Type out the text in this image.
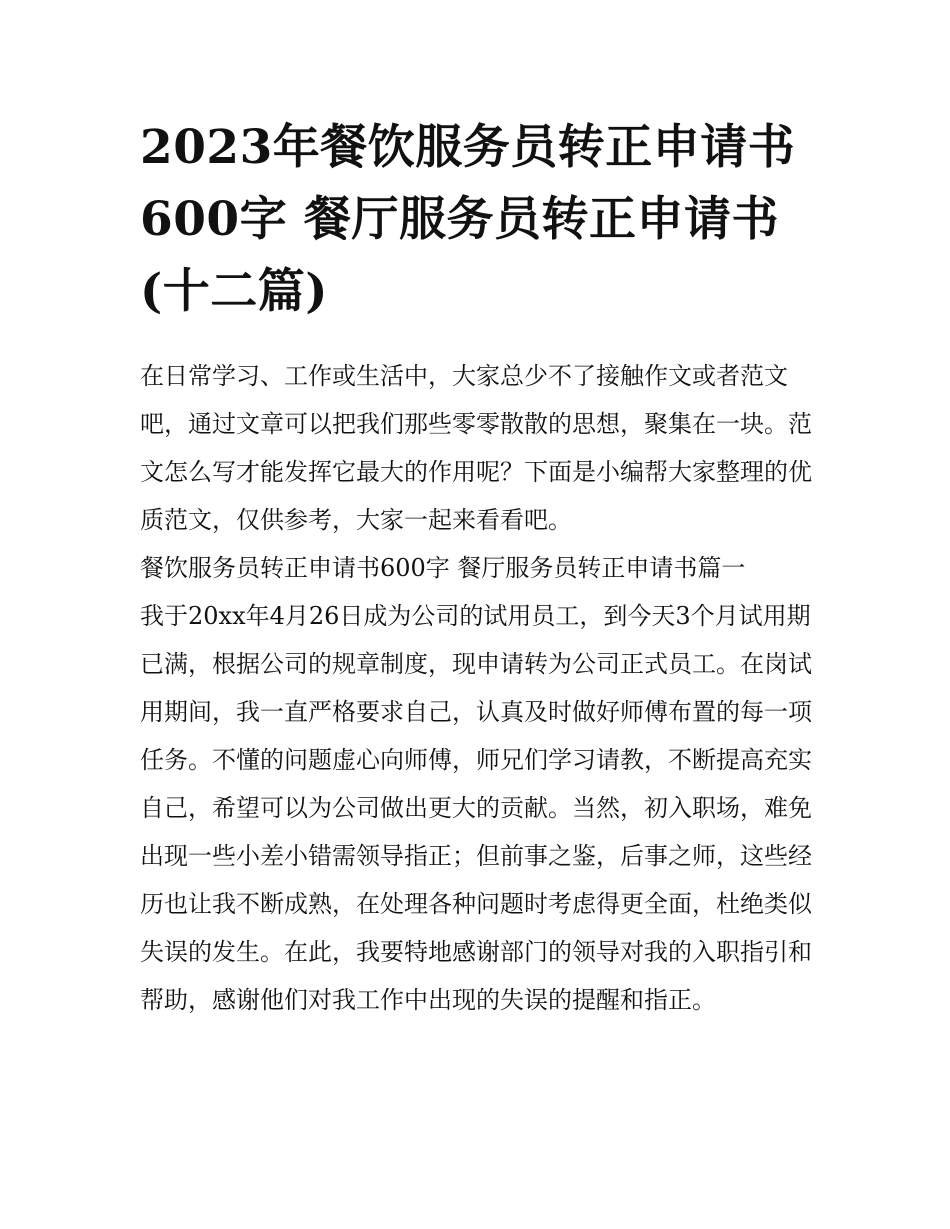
2023年餐饮服务员转正申请书600字 餐厅服务员转正申请书(十二篇)

在日常学习、工作或生活中，大家总少不了接触作文或者范文吧，通过文章可以把我们那些零零散散的思想，聚集在一块。范文怎么写才能发挥它最大的作用呢？下面是小编帮大家整理的优质范文，仅供参考，大家一起来看看吧。

餐饮服务员转正申请书600字 餐厅服务员转正申请书篇一

我于20xx年4月26日成为公司的试用员工，到今天3个月试用期已满，根据公司的规章制度，现申请转为公司正式员工。在岗试用期间，我一直严格要求自己，认真及时做好师傅布置的每一项任务。不懂的问题虚心向师傅，师兄们学习请教，不断提高充实自己，希望可以为公司做出更大的贡献。当然，初入职场，难免出现一些小差小错需领导指正；但前事之鉴，后事之师，这些经历也让我不断成熟，在处理各种问题时考虑得更全面，杜绝类似失误的发生。在此，我要特地感谢部门的领导对我的入职指引和帮助，感谢他们对我工作中出现的失误的提醒和指正。
